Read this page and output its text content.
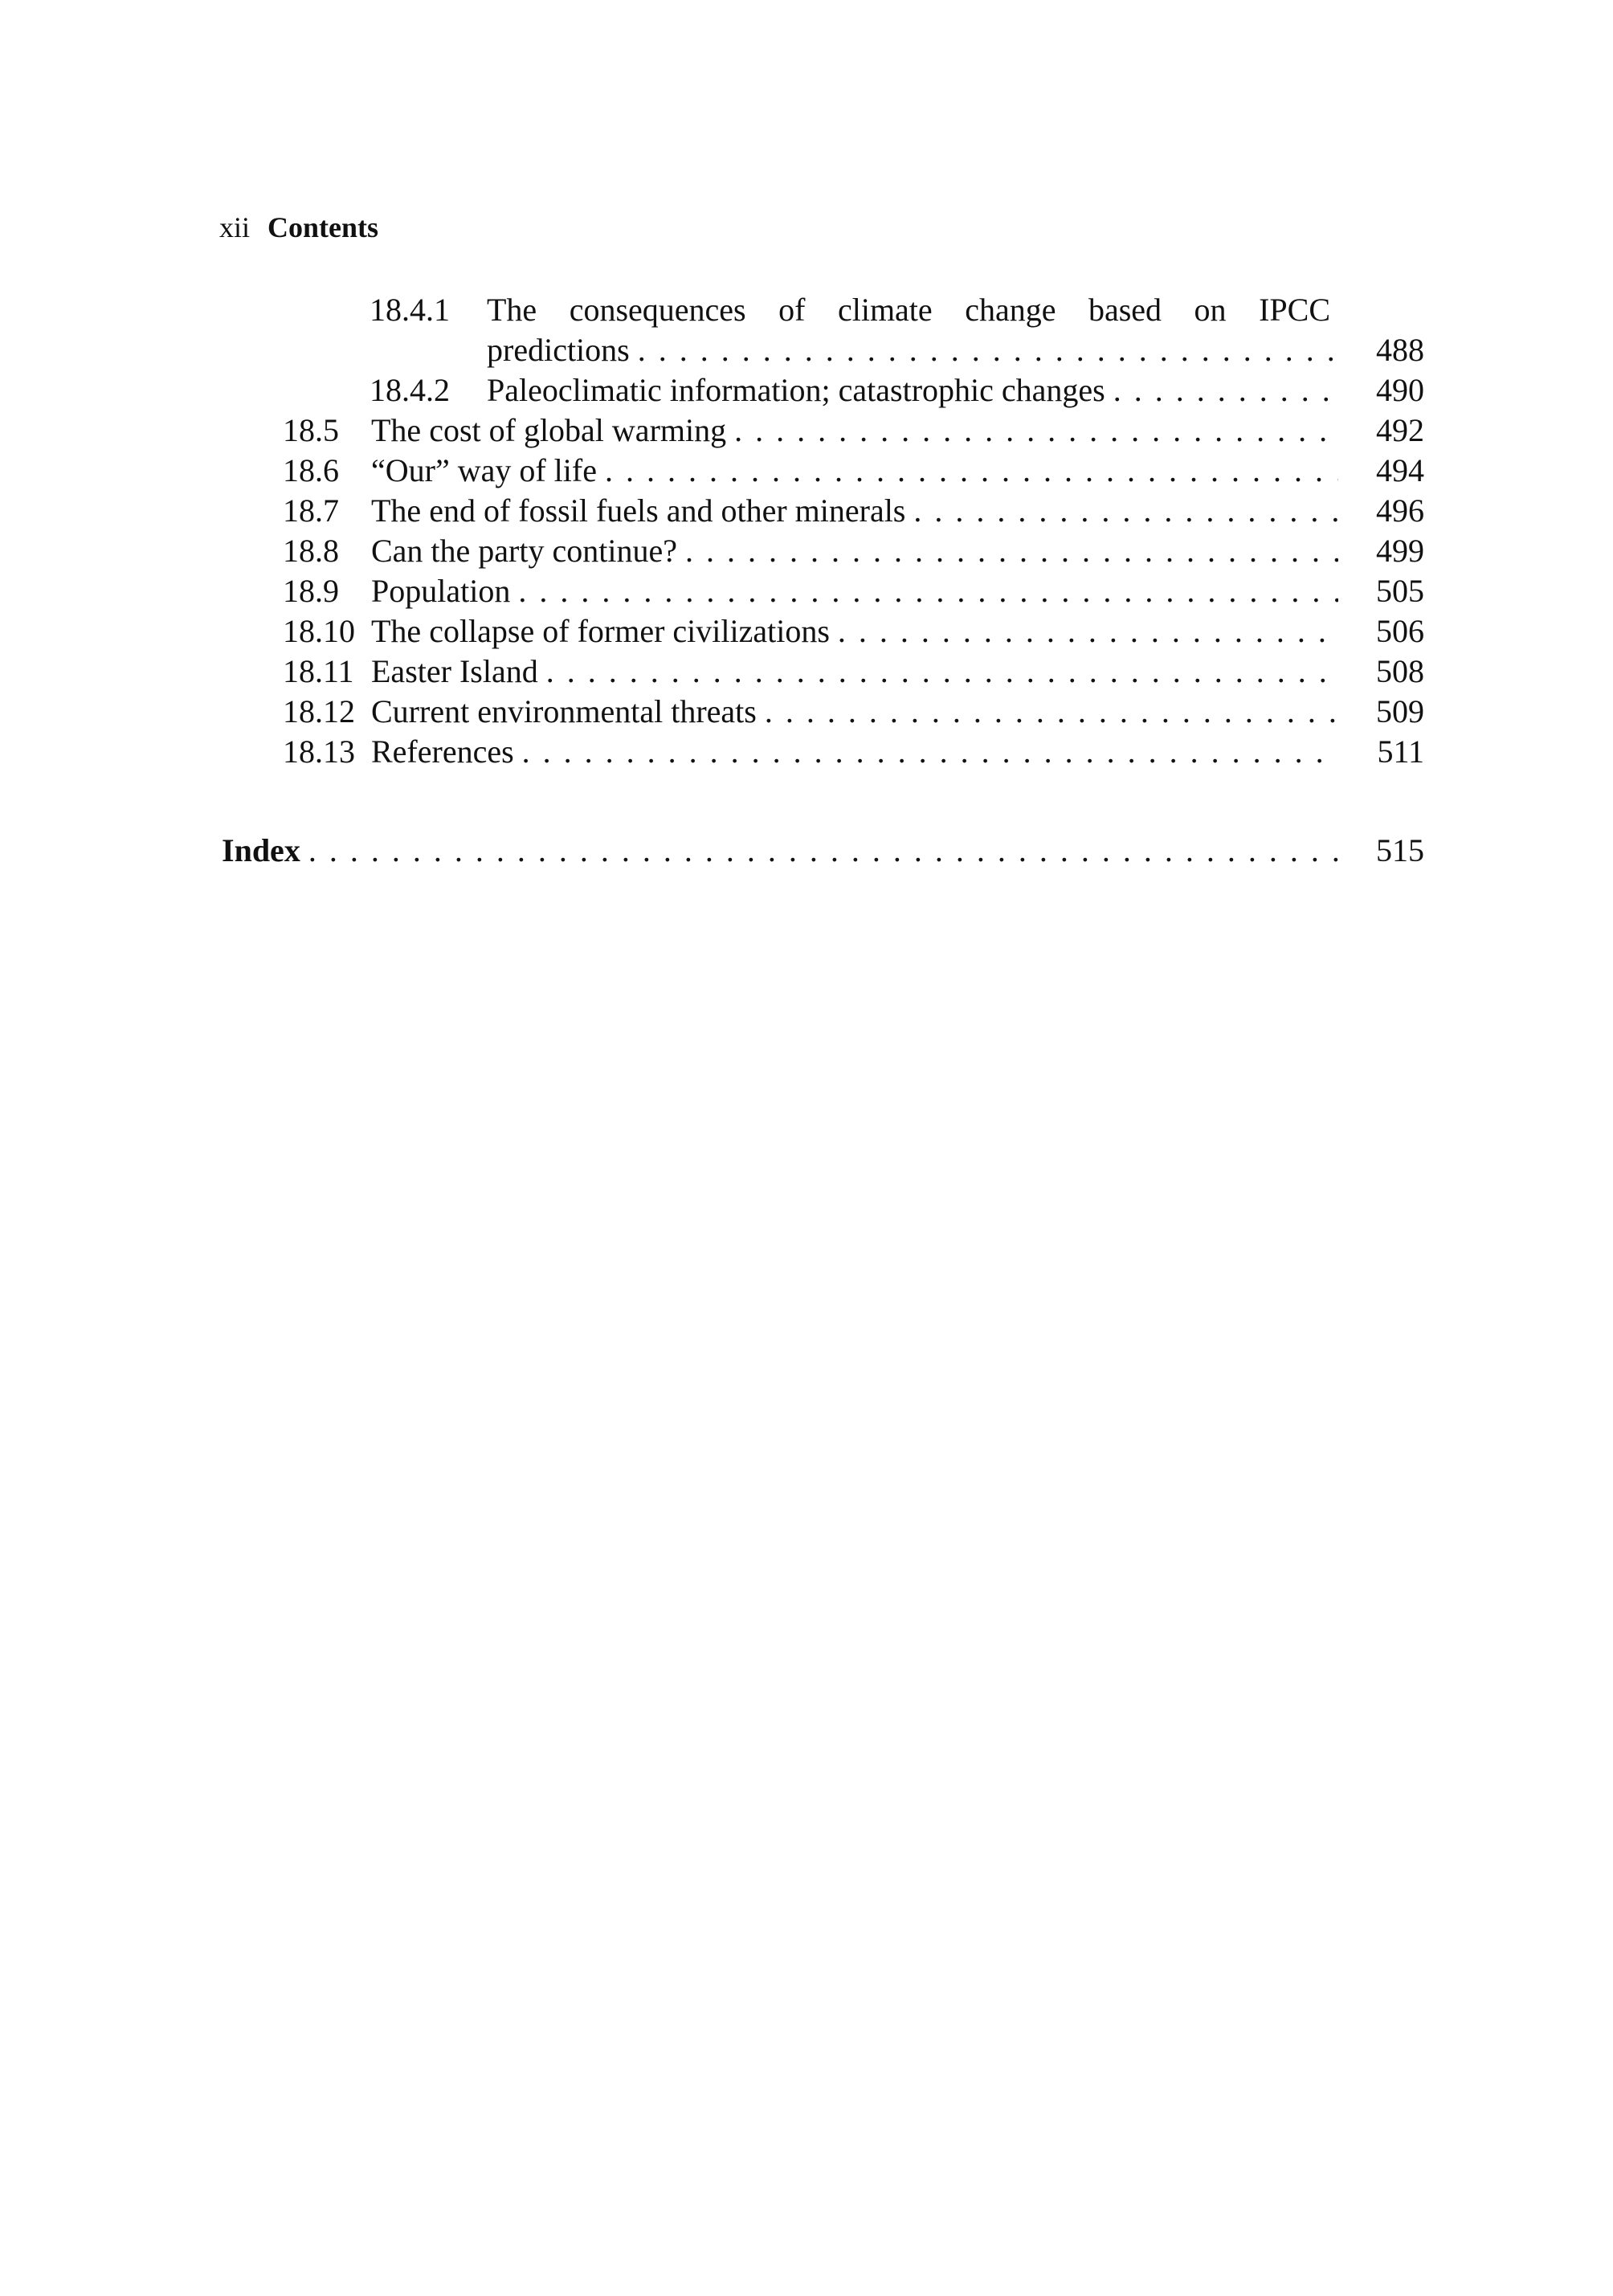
xii Contents
18.4.1 The consequences of climate change based on IPCC
predictions . . .	488
18.4.2 Paleoclimatic information; catastrophic changes . . .	490
18.5 The cost of global warming . . .	492
18.6 “Our” way of life . . .	494
18.7 The end of fossil fuels and other minerals . . .	496
18.8 Can the party continue? . . .	499
18.9 Population . . .	505
18.10 The collapse of former civilizations . . .	506
18.11 Easter Island . . .	508
18.12 Current environmental threats . . .	509
18.13 References . . .	511
Index . . .	515
